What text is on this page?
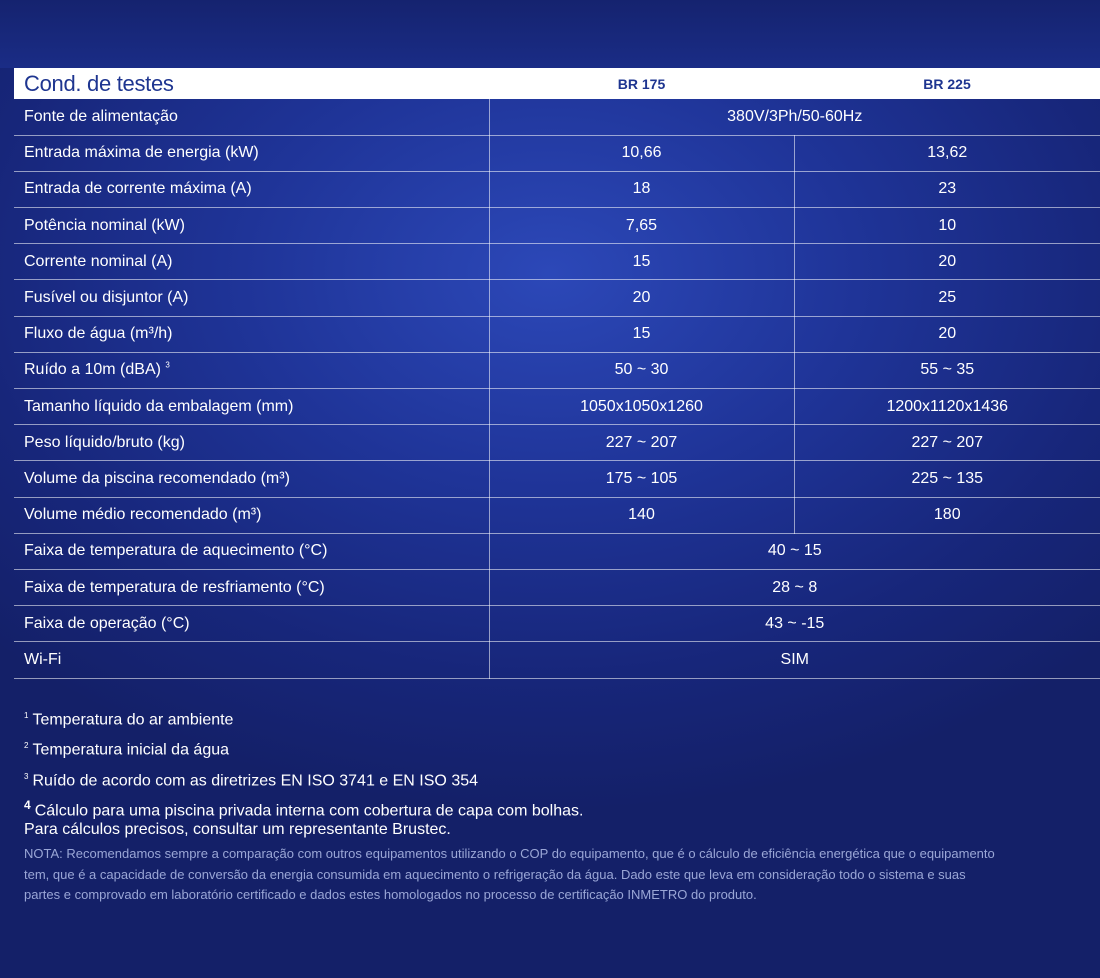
Cond. de testes	BR 175	BR 225
Fonte de alimentação	380V/3Ph/50-60Hz	
Entrada máxima de energia (kW)	10,66	13,62
Entrada de corrente máxima (A)	18	23
Potência nominal (kW)	7,65	10
Corrente nominal (A)	15	20
Fusível ou disjuntor (A)	20	25
Fluxo de água (m³/h)	15	20
Ruído a 10m (dBA) $^3$	50 ~ 30	55 ~ 35
Tamanho líquido da embalagem (mm)	1050x1050x1260	1200x1120x1436
Peso líquido/bruto (kg)	227 ~ 207	227 ~ 207
Volume da piscina recomendado (m³)	175 ~ 105	225 ~ 135
Volume médio recomendado (m³)	140	180
Faixa de temperatura de aquecimento (°C)	40 ~ 15	
Faixa de temperatura de resfriamento (°C)	28 ~ 8	
Faixa de operação (°C)	43 ~ -15	
Wi-Fi	SIM	

$^1$ Temperatura do ar ambiente

$^2$ Temperatura inicial da água

$^3$ Ruído de acordo com as diretrizes EN ISO 3741 e EN ISO 354

$^4$ Cálculo para uma piscina privada interna com cobertura de capa com bolhas.
Para cálculos precisos, consultar um representante Brustec.

NOTA: Recomendamos sempre a comparação com outros equipamentos utilizando o COP do equipamento, que é o cálculo de eficiência energética que o equipamento tem, que é a capacidade de conversão da energia consumida em aquecimento o refrigeração da água. Dado este que leva em consideração todo o sistema e suas partes e comprovado em laboratório certificado e dados estes homologados no processo de certificação INMETRO do produto.
